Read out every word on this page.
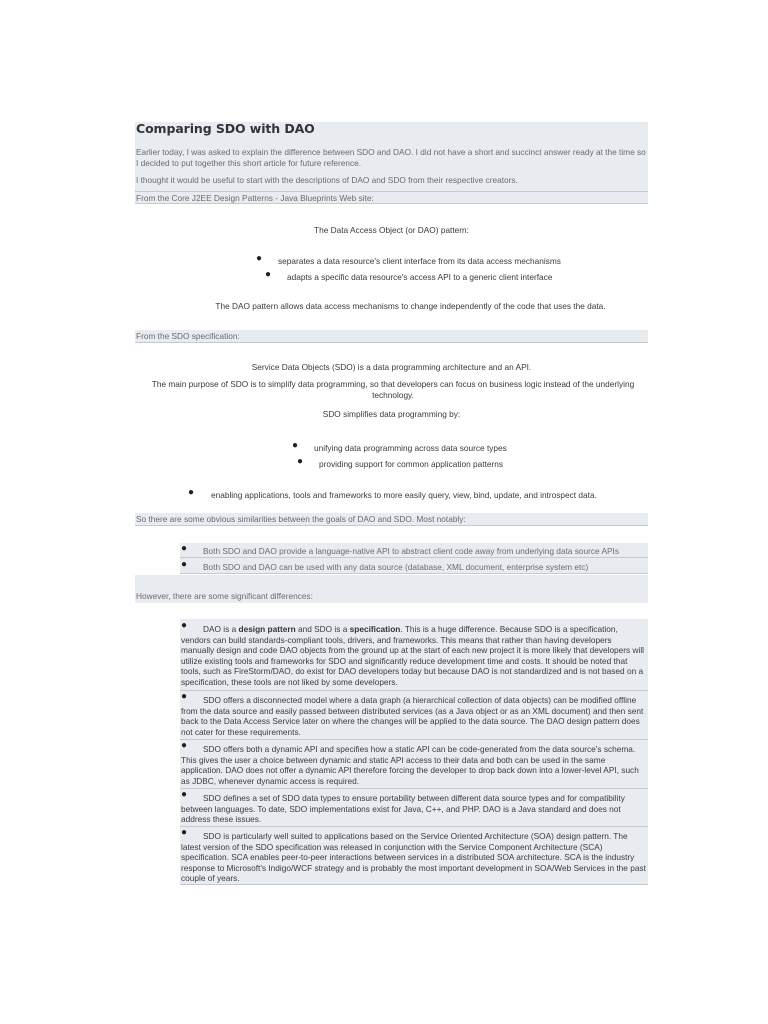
Comparing SDO with DAO

Earlier today, I was asked to explain the difference between SDO and DAO. I did not have a short and succinct answer ready at the time so I decided to put together this short article for future reference.

I thought it would be useful to start with the descriptions of DAO and SDO from their respective creators.

From the Core J2EE Design Patterns - Java Blueprints Web site:

The Data Access Object (or DAO) pattern:

● separates a data resource's client interface from its data access mechanisms

● adapts a specific data resource's access API to a generic client interface

The DAO pattern allows data access mechanisms to change independently of the code that uses the data.

From the SDO specification:

Service Data Objects (SDO) is a data programming architecture and an API.

The main purpose of SDO is to simplify data programming, so that developers can focus on business logic instead of the underlying technology.

SDO simplifies data programming by:

● unifying data programming across data source types

● providing support for common application patterns

● enabling applications, tools and frameworks to more easily query, view, bind, update, and introspect data.

So there are some obvious similarities between the goals of DAO and SDO. Most notably:

● Both SDO and DAO provide a language-native API to abstract client code away from underlying data source APIs

● Both SDO and DAO can be used with any data source (database, XML document, enterprise system etc)

However, there are some significant differences:

●	DAO is a design pattern and SDO is a specification. This is a huge difference. Because SDO is a specification, vendors can build standards-compliant tools, drivers, and frameworks. This means that rather than having developers manually design and code DAO objects from the ground up at the start of each new project it is more likely that developers will utilize existing tools and frameworks for SDO and significantly reduce development time and costs. It should be noted that tools, such as FireStorm/DAO, do exist for DAO developers today but because DAO is not standardized and is not based on a specification, these tools are not liked by some developers.

●	SDO offers a disconnected model where a data graph (a hierarchical collection of data objects) can be modified offline from the data source and easily passed between distributed services (as a Java object or as an XML document) and then sent back to the Data Access Service later on where the changes will be applied to the data source. The DAO design pattern does not cater for these requirements.

●	SDO offers both a dynamic API and specifies how a static API can be code-generated from the data source's schema. This gives the user a choice between dynamic and static API access to their data and both can be used in the same application. DAO does not offer a dynamic API therefore forcing the developer to drop back down into a lower-level API, such as JDBC, whenever dynamic access is required.

●	SDO defines a set of SDO data types to ensure portability between different data source types and for compatibility between languages. To date, SDO implementations exist for Java, C++, and PHP. DAO is a Java standard and does not address these issues.

●	SDO is particularly well suited to applications based on the Service Oriented Architecture (SOA) design pattern. The latest version of the SDO specification was released in conjunction with the Service Component Architecture (SCA) specification. SCA enables peer-to-peer interactions between services in a distributed SOA architecture. SCA is the industry response to Microsoft's Indigo/WCF strategy and is probably the most important development in SOA/Web Services in the past couple of years.
